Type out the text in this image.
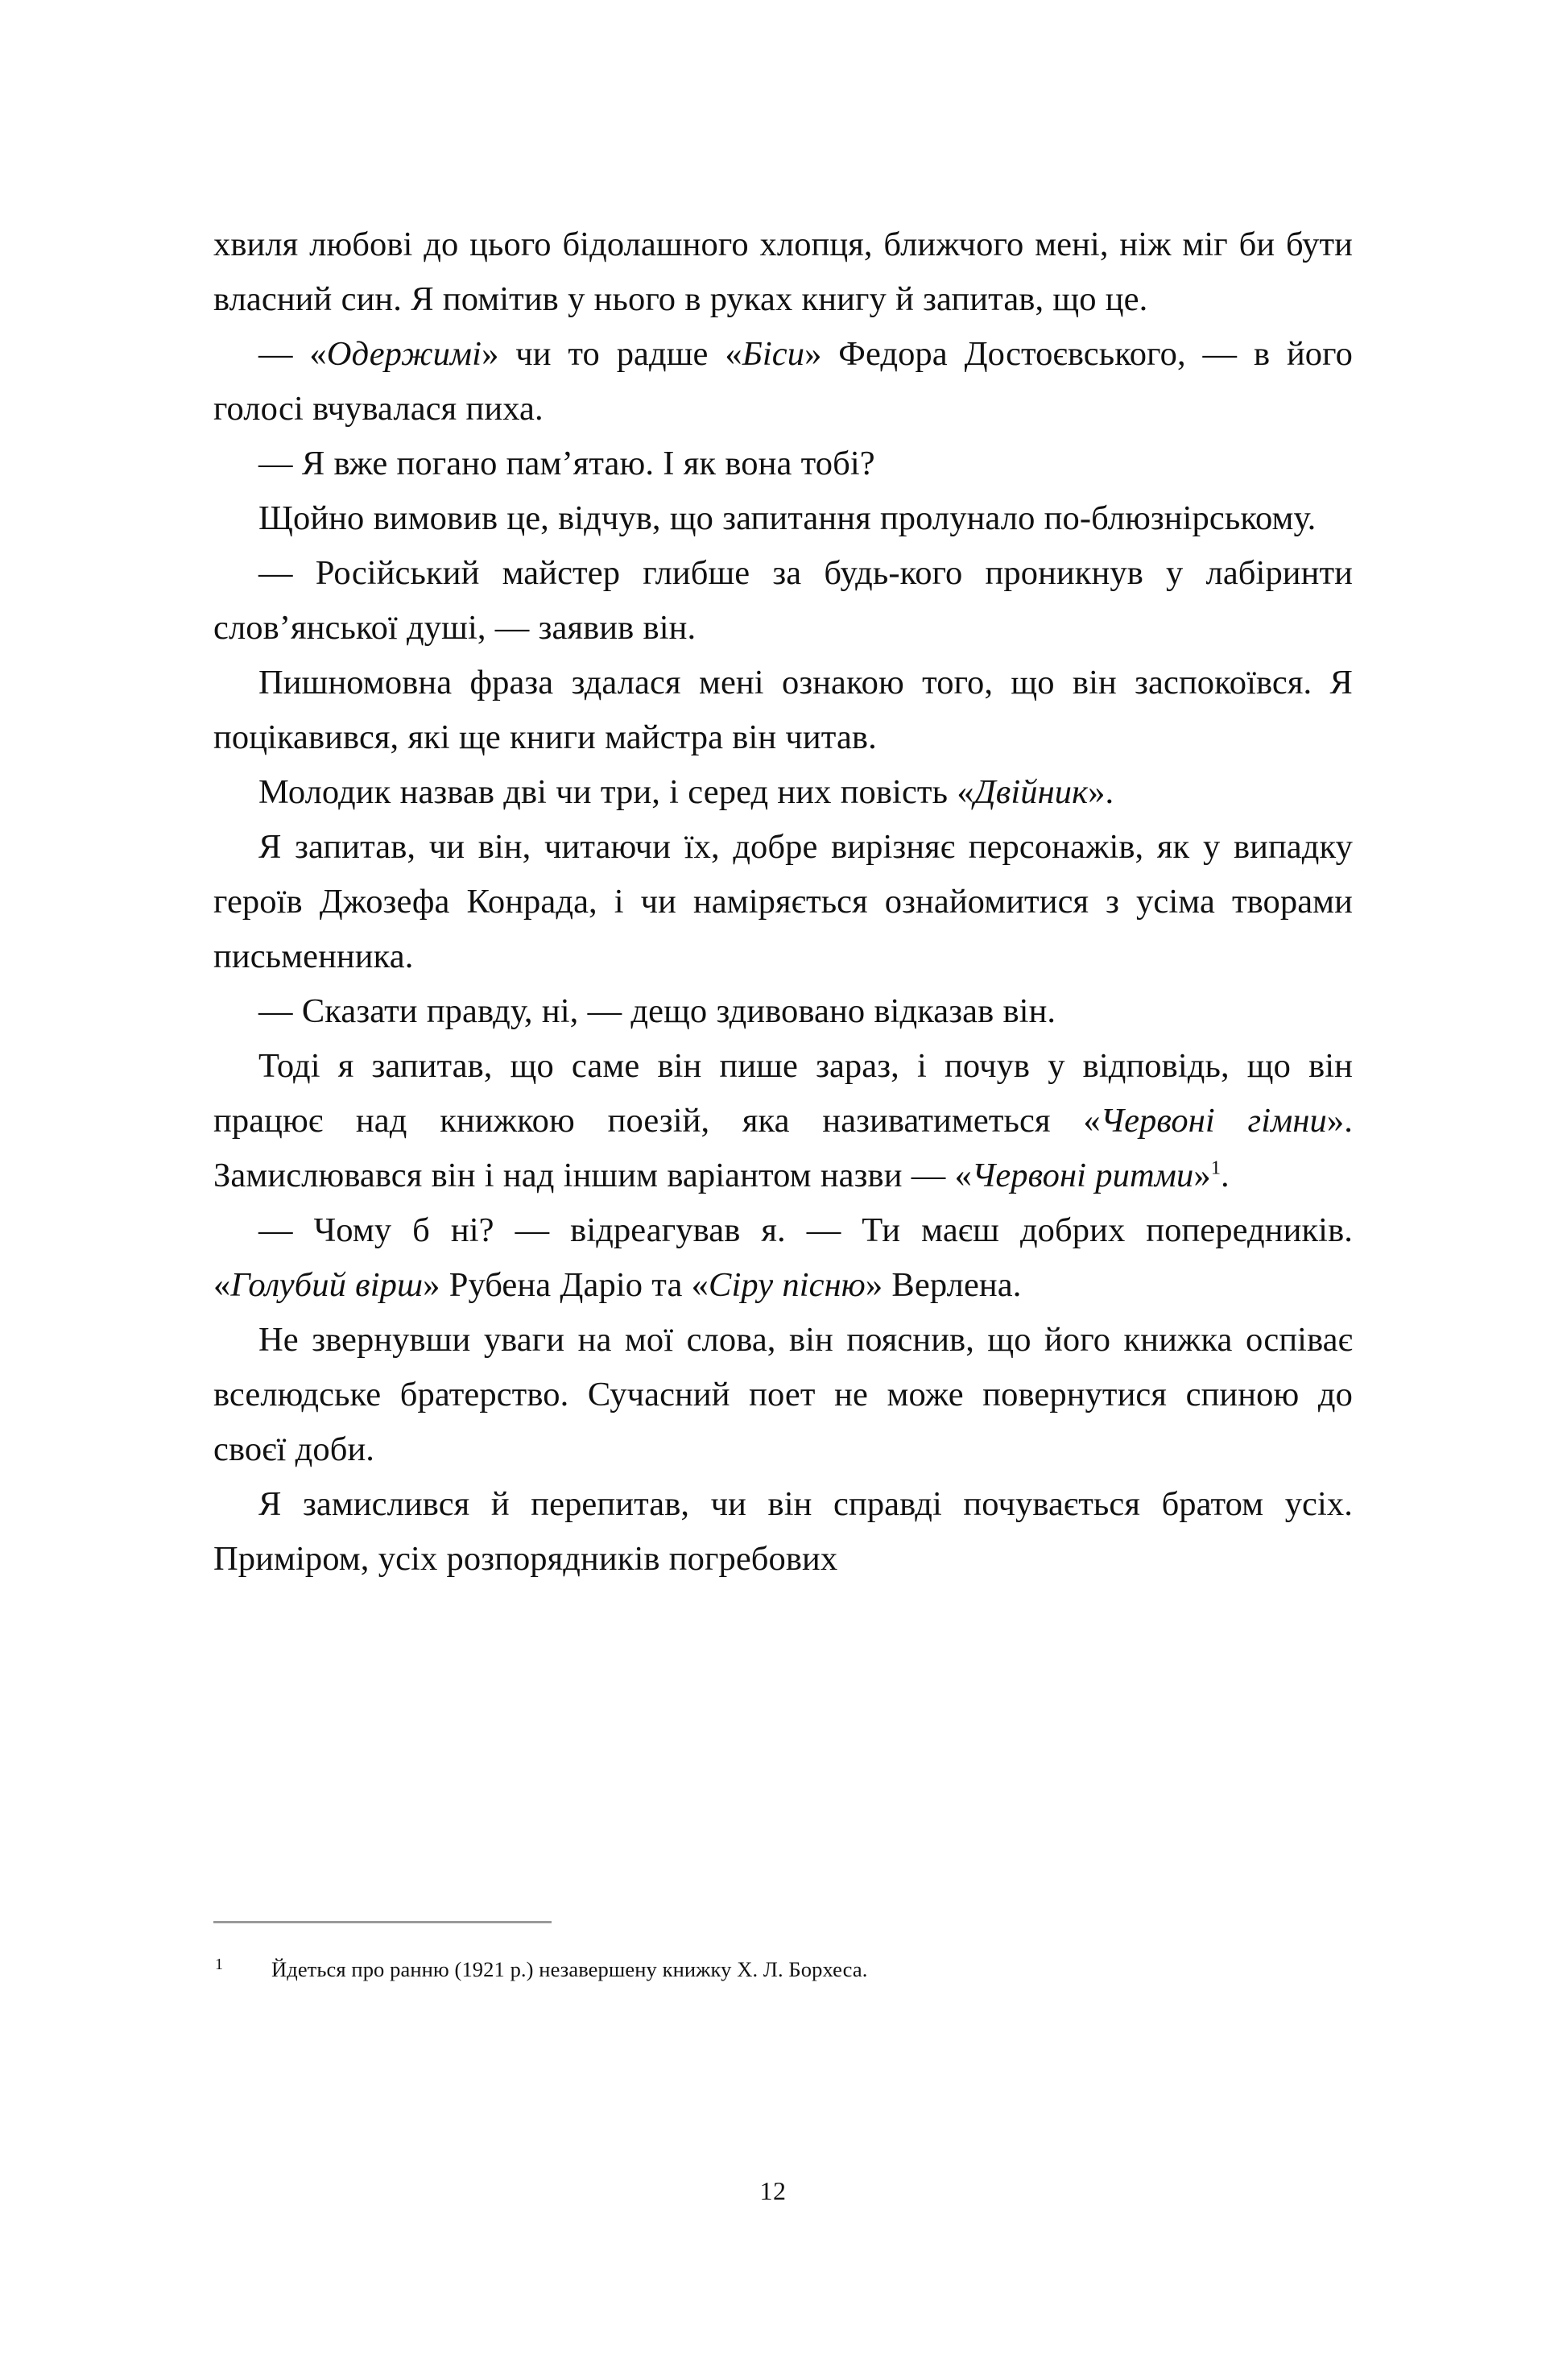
хвиля любові до цього бідолашного хлопця, ближчого мені, ніж міг би бути власний син. Я помітив у нього в руках книгу й запитав, що це.

— «Одержимі» чи то радше «Біси» Федора Достоєвського, — в його голосі вчувалася пиха.

— Я вже погано пам’ятаю. І як вона тобі?

Щойно вимовив це, відчув, що запитання пролунало по-блюзнірському.

— Російський майстер глибше за будь-кого проникнув у лабіринти слов’янської душі, — заявив він.

Пишномовна фраза здалася мені ознакою того, що він заспокоївся. Я поцікавився, які ще книги майстра він читав.

Молодик назвав дві чи три, і серед них повість «Двійник».

Я запитав, чи він, читаючи їх, добре вирізняє персонажів, як у випадку героїв Джозефа Конрада, і чи наміряється ознайомитися з усіма творами письменника.

— Сказати правду, ні, — дещо здивовано відказав він.

Тоді я запитав, що саме він пише зараз, і почув у відповідь, що він працює над книжкою поезій, яка називатиметься «Червоні гімни». Замислювався він і над іншим варіантом назви — «Червоні ритми»$^1$.

— Чому б ні? — відреагував я. — Ти маєш добрих попередників. «Голубий вірш» Рубена Даріо та «Сіру пісню» Верлена.

Не звернувши уваги на мої слова, він пояснив, що його книжка оспіває вселюдське братерство. Сучасний поет не може повернутися спиною до своєї доби.

Я замислився й перепитав, чи він справді почувається братом усіх. Приміром, усіх розпорядників погребових

1 Йдеться про ранню (1921 р.) незавершену книжку Х. Л. Борхеса.
12
